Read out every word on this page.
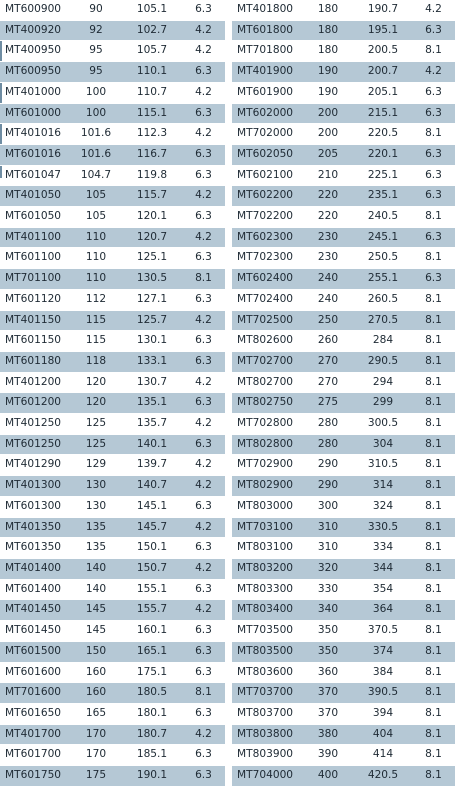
MT600900	90	105.1	6.3
MT400920	92	102.7	4.2
MT400950	95	105.7	4.2
MT600950	95	110.1	6.3
MT401000	100	110.7	4.2
MT601000	100	115.1	6.3
MT401016	101.6	112.3	4.2
MT601016	101.6	116.7	6.3
MT601047	104.7	119.8	6.3
MT401050	105	115.7	4.2
MT601050	105	120.1	6.3
MT401100	110	120.7	4.2
MT601100	110	125.1	6.3
MT701100	110	130.5	8.1
MT601120	112	127.1	6.3
MT401150	115	125.7	4.2
MT601150	115	130.1	6.3
MT601180	118	133.1	6.3
MT401200	120	130.7	4.2
MT601200	120	135.1	6.3
MT401250	125	135.7	4.2
MT601250	125	140.1	6.3
MT401290	129	139.7	4.2
MT401300	130	140.7	4.2
MT601300	130	145.1	6.3
MT401350	135	145.7	4.2
MT601350	135	150.1	6.3
MT401400	140	150.7	4.2
MT601400	140	155.1	6.3
MT401450	145	155.7	4.2
MT601450	145	160.1	6.3
MT601500	150	165.1	6.3
MT601600	160	175.1	6.3
MT701600	160	180.5	8.1
MT601650	165	180.1	6.3
MT401700	170	180.7	4.2
MT601700	170	185.1	6.3
MT601750	175	190.1	6.3
MT401800	180	190.7	4.2
MT601800	180	195.1	6.3
MT701800	180	200.5	8.1
MT401900	190	200.7	4.2
MT601900	190	205.1	6.3
MT602000	200	215.1	6.3
MT702000	200	220.5	8.1
MT602050	205	220.1	6.3
MT602100	210	225.1	6.3
MT602200	220	235.1	6.3
MT702200	220	240.5	8.1
MT602300	230	245.1	6.3
MT702300	230	250.5	8.1
MT602400	240	255.1	6.3
MT702400	240	260.5	8.1
MT702500	250	270.5	8.1
MT802600	260	284	8.1
MT702700	270	290.5	8.1
MT802700	270	294	8.1
MT802750	275	299	8.1
MT702800	280	300.5	8.1
MT802800	280	304	8.1
MT702900	290	310.5	8.1
MT802900	290	314	8.1
MT803000	300	324	8.1
MT703100	310	330.5	8.1
MT803100	310	334	8.1
MT803200	320	344	8.1
MT803300	330	354	8.1
MT803400	340	364	8.1
MT703500	350	370.5	8.1
MT803500	350	374	8.1
MT803600	360	384	8.1
MT703700	370	390.5	8.1
MT803700	370	394	8.1
MT803800	380	404	8.1
MT803900	390	414	8.1
MT704000	400	420.5	8.1
